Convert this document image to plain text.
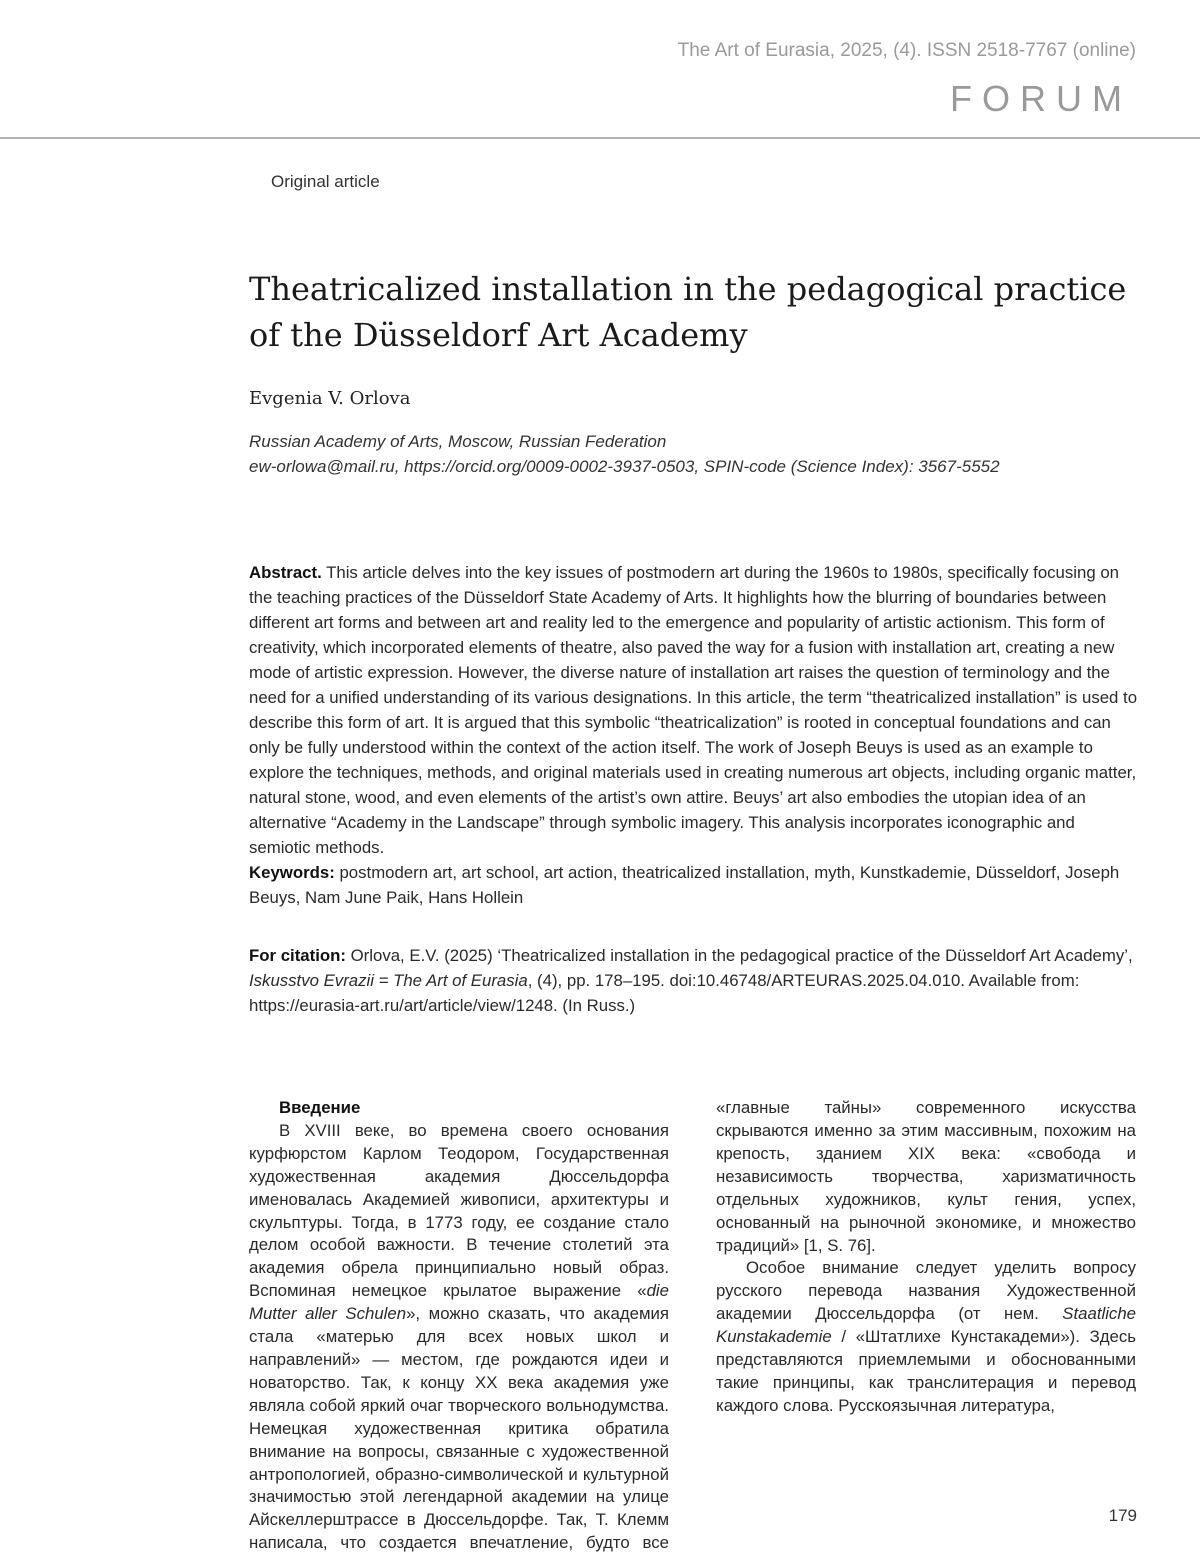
The Art of Eurasia, 2025, (4). ISSN 2518-7767 (online)
FORUM
Original article
Theatricalized installation in the pedagogical practice
of the Düsseldorf Art Academy
Evgenia V. Orlova
Russian Academy of Arts, Moscow, Russian Federation
ew-orlowa@mail.ru, https://orcid.org/0009-0002-3937-0503, SPIN-code (Science Index): 3567-5552
Abstract. This article delves into the key issues of postmodern art during the 1960s to 1980s, specifically focusing on the teaching practices of the Düsseldorf State Academy of Arts. It highlights how the blurring of boundaries between different art forms and between art and reality led to the emergence and popularity of artistic actionism. This form of creativity, which incorporated elements of theatre, also paved the way for a fusion with installation art, creating a new mode of artistic expression. However, the diverse nature of installation art raises the question of terminology and the need for a unified understanding of its various designations. In this article, the term “theatricalized installation” is used to describe this form of art. It is argued that this symbolic “theatricalization” is rooted in conceptual foundations and can only be fully understood within the context of the action itself. The work of Joseph Beuys is used as an example to explore the techniques, methods, and original materials used in creating numerous art objects, including organic matter, natural stone, wood, and even elements of the artist’s own attire. Beuys’ art also embodies the utopian idea of an alternative “Academy in the Landscape” through symbolic imagery. This analysis incorporates iconographic and semiotic methods.
Keywords: postmodern art, art school, art action, theatricalized installation, myth, Kunstkademie, Düsseldorf, Joseph Beuys, Nam June Paik, Hans Hollein
For citation: Orlova, E.V. (2025) ‘Theatricalized installation in the pedagogical practice of the Düsseldorf Art Academy’, Iskusstvo Evrazii = The Art of Eurasia, (4), pp. 178–195. doi:10.46748/ARTEURAS.2025.04.010. Available from: https://eurasia-art.ru/art/article/view/1248. (In Russ.)

Введение

В XVIII веке, во времена своего основания курфюрстом Карлом Теодором, Государственная художественная академия Дюссельдорфа именовалась Академией живописи, архитектуры и скульптуры. Тогда, в 1773 году, ее создание стало делом особой важности. В течение столетий эта академия обрела принципиально новый образ. Вспоминая немецкое крылатое выражение «die Mutter aller Schulen», можно сказать, что академия стала «матерью для всех новых школ и направлений» — местом, где рождаются идеи и новаторство. Так, к концу XX века академия уже являла собой яркий очаг творческого вольнодумства. Немецкая художественная критика обратила внимание на вопросы, связанные с художественной антропологией, образно-символической и культурной значимостью этой легендарной академии на улице Айскеллерштрассе в Дюссельдорфе. Так, Т. Клемм написала, что создается впечатление, будто все

179

«главные тайны» современного искусства скрываются именно за этим массивным, похожим на крепость, зданием XIX века: «свобода и независимость творчества, харизматичность отдельных художников, культ гения, успех, основанный на рыночной экономике, и множество традиций» [1, S. 76].

Особое внимание следует уделить вопросу русского перевода названия Художественной академии Дюссельдорфа (от нем. Staatliche Kunstakademie / «Штатлихе Кунстакадеми»). Здесь представляются приемлемыми и обоснованными такие принципы, как транслитерация и перевод каждого слова. Русскоязычная литература,
